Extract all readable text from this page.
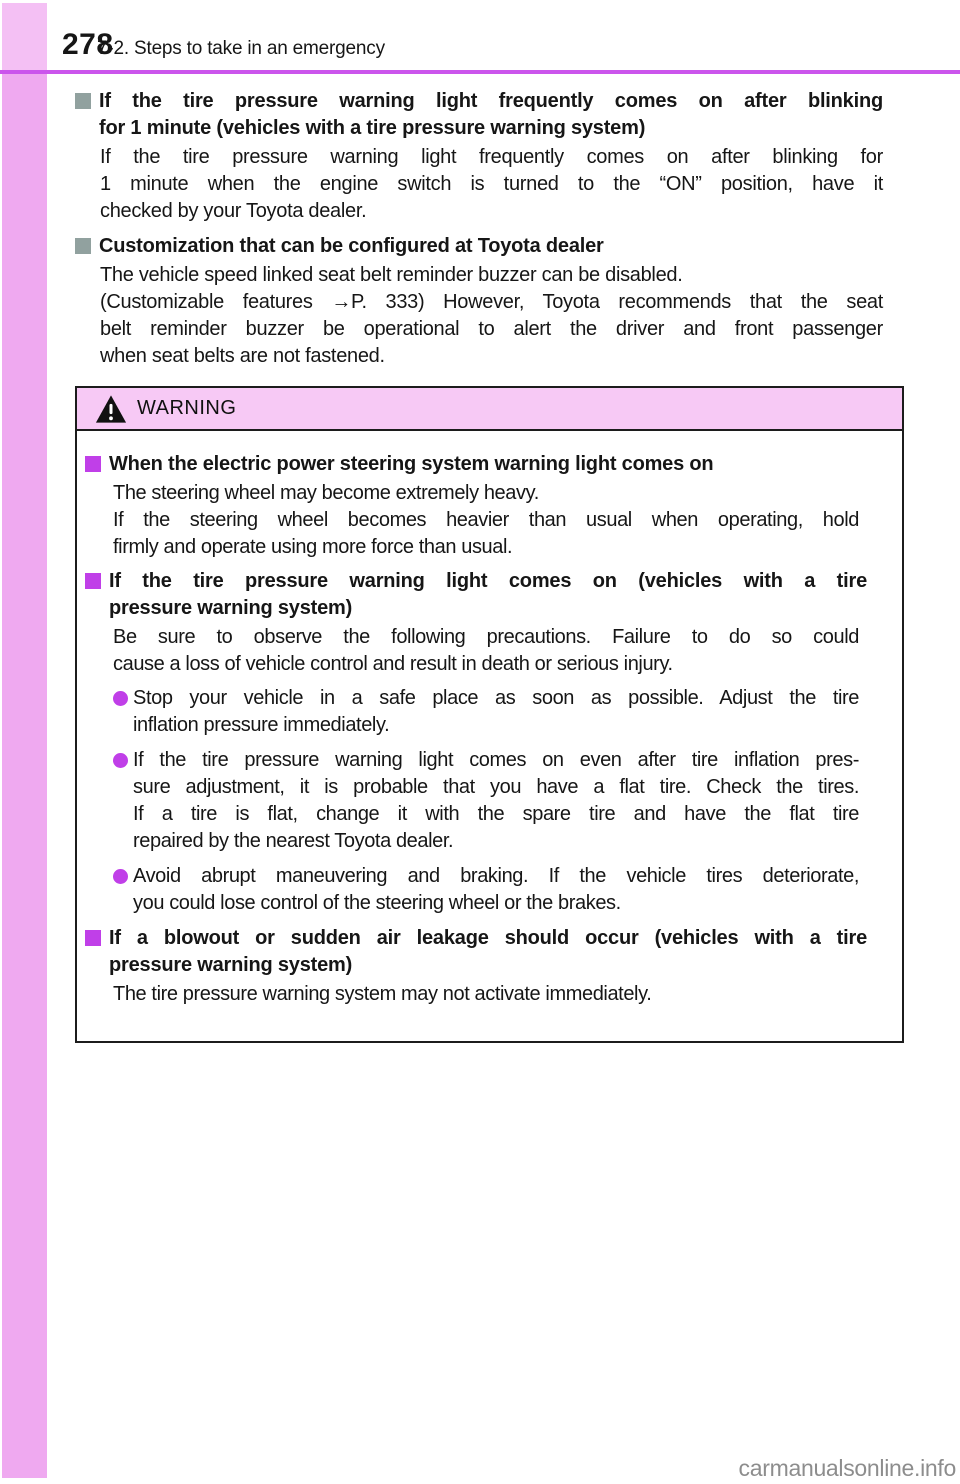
278
7-2. Steps to take in an emergency
If the tire pressure warning light frequently comes on after blinking
for 1 minute (vehicles with a tire pressure warning system)
If the tire pressure warning light frequently comes on after blinking for
1 minute when the engine switch is turned to the “ON” position, have it
checked by your Toyota dealer.
Customization that can be configured at Toyota dealer
The vehicle speed linked seat belt reminder buzzer can be disabled.
(Customizable features →P. 333) However, Toyota recommends that the seat
belt reminder buzzer be operational to alert the driver and front passenger
when seat belts are not fastened.
WARNING
When the electric power steering system warning light comes on
The steering wheel may become extremely heavy.
If the steering wheel becomes heavier than usual when operating, hold
firmly and operate using more force than usual.
If the tire pressure warning light comes on (vehicles with a tire
pressure warning system)
Be sure to observe the following precautions. Failure to do so could
cause a loss of vehicle control and result in death or serious injury.
Stop your vehicle in a safe place as soon as possible. Adjust the tire
inflation pressure immediately.
If the tire pressure warning light comes on even after tire inflation pres-
sure adjustment, it is probable that you have a flat tire. Check the tires.
If a tire is flat, change it with the spare tire and have the flat tire
repaired by the nearest Toyota dealer.
Avoid abrupt maneuvering and braking. If the vehicle tires deteriorate,
you could lose control of the steering wheel or the brakes.
If a blowout or sudden air leakage should occur (vehicles with a tire
pressure warning system)
The tire pressure warning system may not activate immediately.
carmanualsonline.info
